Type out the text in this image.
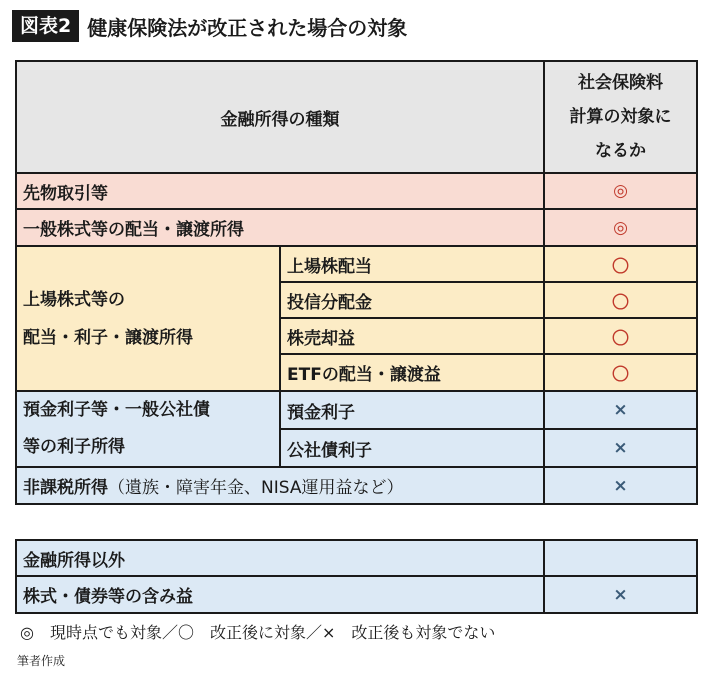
図表2 健康保険法が改正された場合の対象
金融所得の種類		社会保険料
計算の対象に
なるか

先物取引等		◎
一般株式等の配当・譲渡所得		◎

上場株式等の
配当・利子・譲渡所得	上場株配当	〇
	投信分配金	〇
	株売却益	〇
	ETFの配当・譲渡益	〇

預金利子等・一般公社債
等の利子所得	預金利子	×
	公社債利子	×
非課税所得（遺族・障害年金、NISA運用益など）		×
金融所得以外	
株式・債券等の含み益	×
◎　現時点でも対象／〇　改正後に対象／×　改正後も対象でない
筆者作成
